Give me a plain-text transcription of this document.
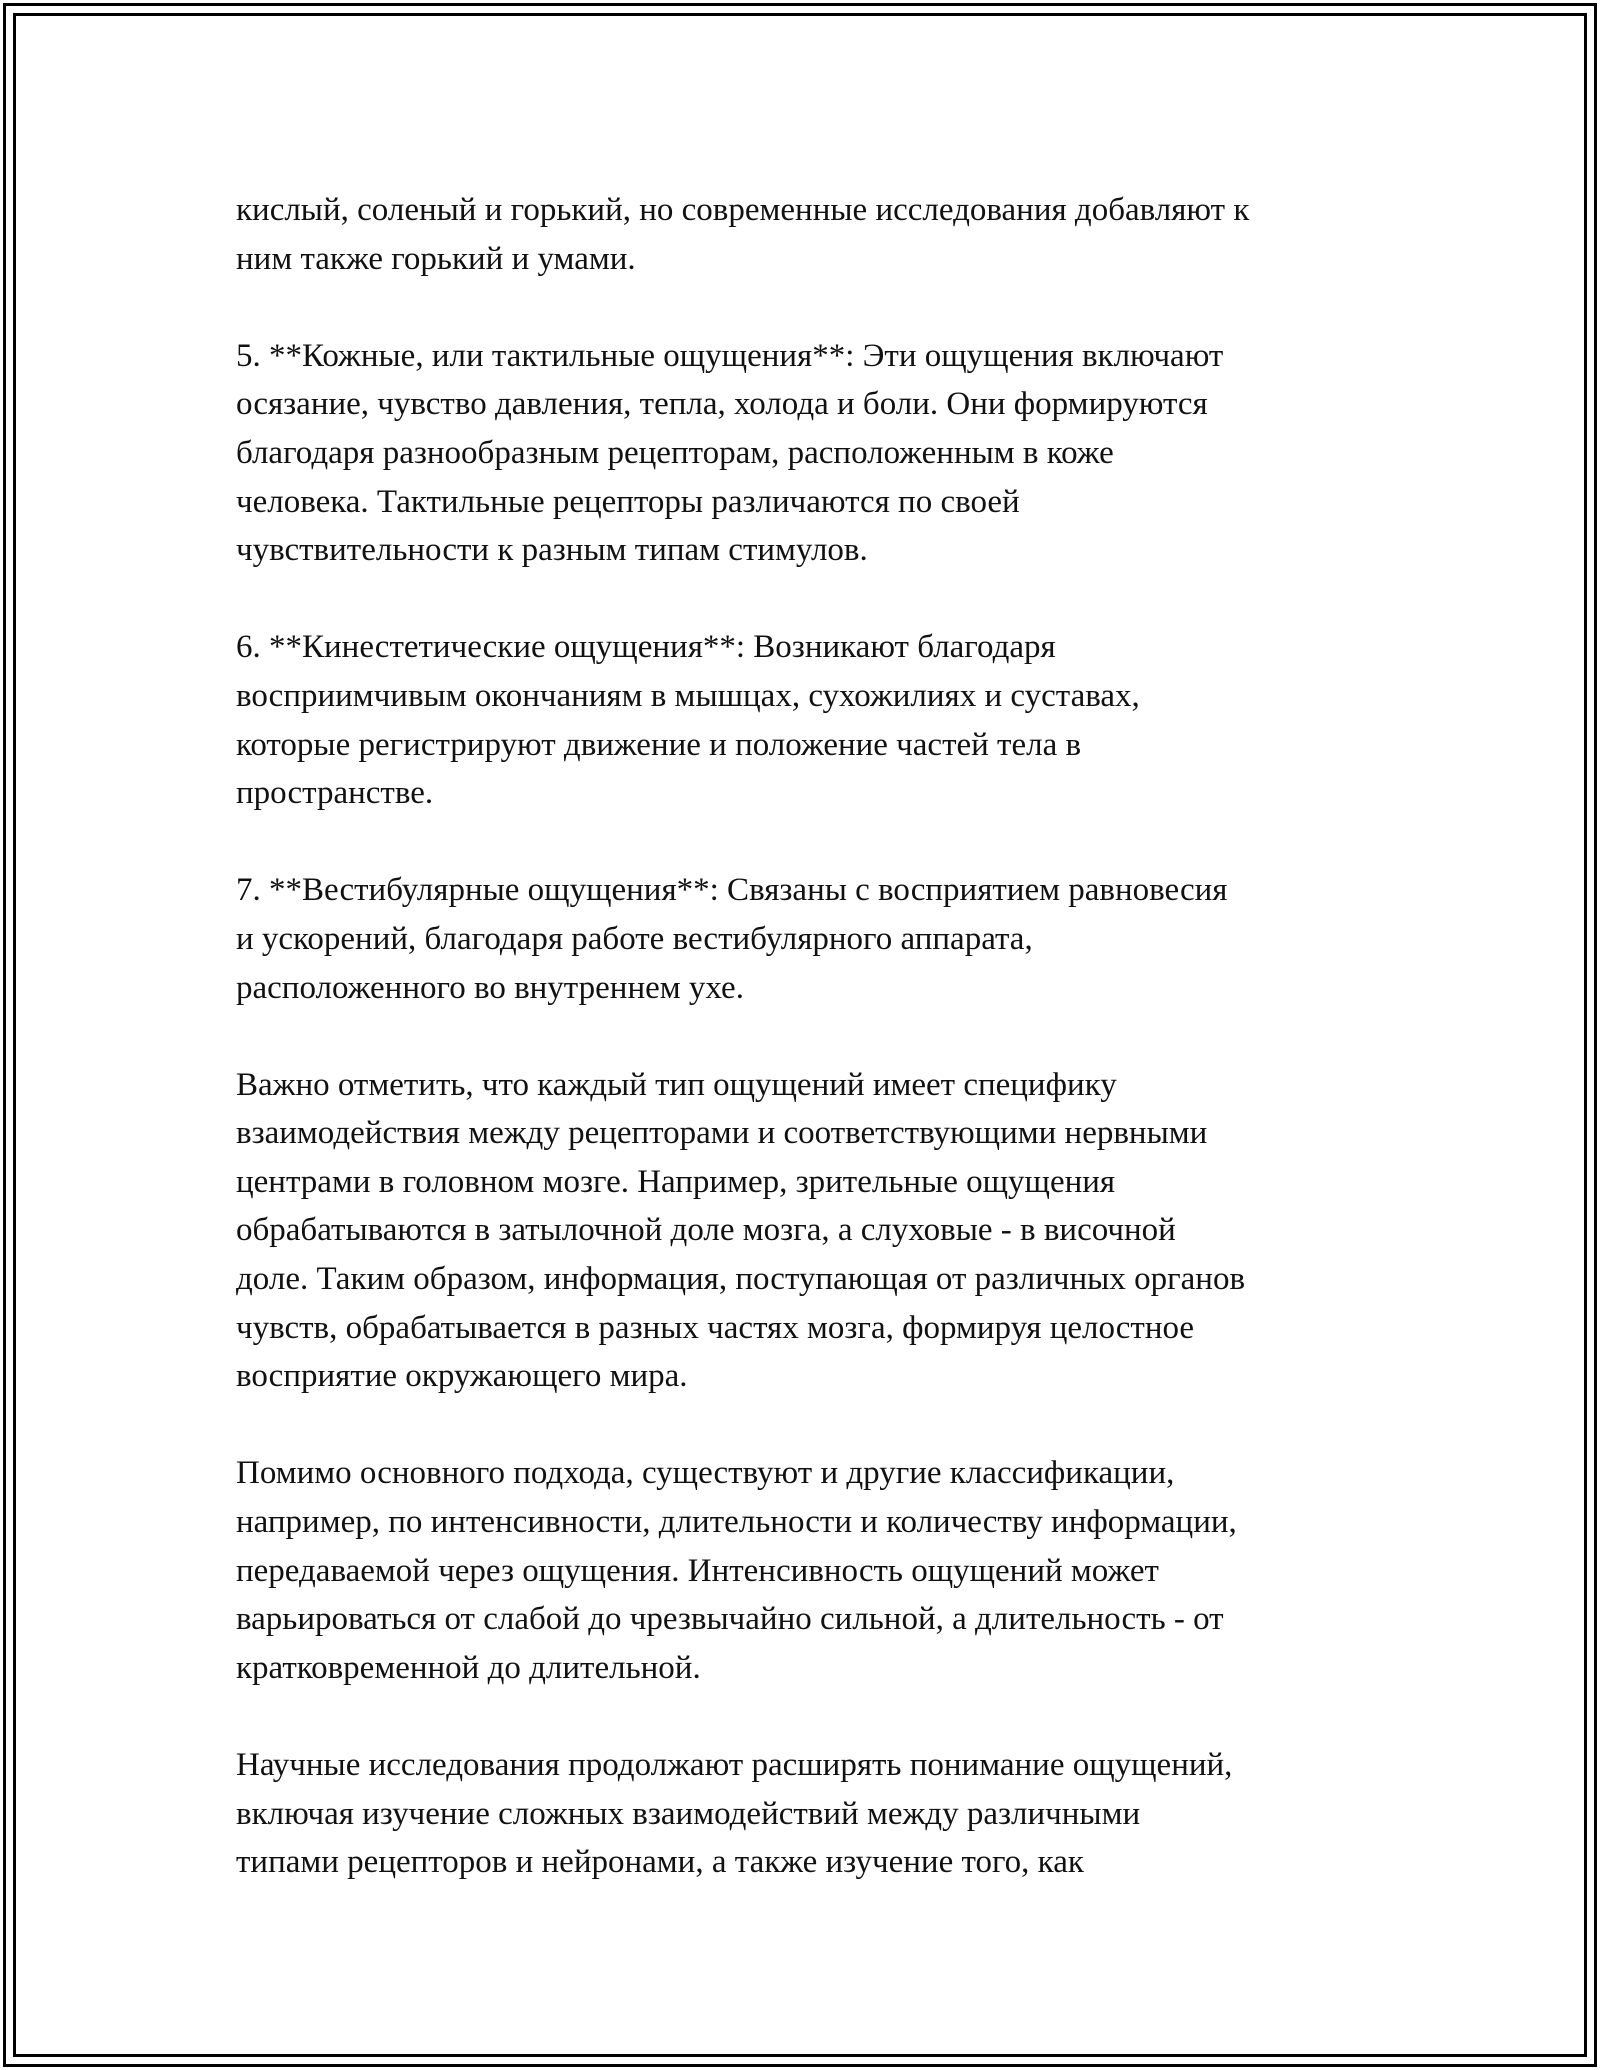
кислый, соленый и горький, но современные исследования добавляют к
ним также горький и умами.

5. **Кожные, или тактильные ощущения**: Эти ощущения включают
осязание, чувство давления, тепла, холода и боли. Они формируются
благодаря разнообразным рецепторам, расположенным в коже
человека. Тактильные рецепторы различаются по своей
чувствительности к разным типам стимулов.

6. **Кинестетические ощущения**: Возникают благодаря
восприимчивым окончаниям в мышцах, сухожилиях и суставах,
которые регистрируют движение и положение частей тела в
пространстве.

7. **Вестибулярные ощущения**: Связаны с восприятием равновесия
и ускорений, благодаря работе вестибулярного аппарата,
расположенного во внутреннем ухе.

Важно отметить, что каждый тип ощущений имеет специфику
взаимодействия между рецепторами и соответствующими нервными
центрами в головном мозге. Например, зрительные ощущения
обрабатываются в затылочной доле мозга, а слуховые - в височной
доле. Таким образом, информация, поступающая от различных органов
чувств, обрабатывается в разных частях мозга, формируя целостное
восприятие окружающего мира.

Помимо основного подхода, существуют и другие классификации,
например, по интенсивности, длительности и количеству информации,
передаваемой через ощущения. Интенсивность ощущений может
варьироваться от слабой до чрезвычайно сильной, а длительность - от
кратковременной до длительной.

Научные исследования продолжают расширять понимание ощущений,
включая изучение сложных взаимодействий между различными
типами рецепторов и нейронами, а также изучение того, как
